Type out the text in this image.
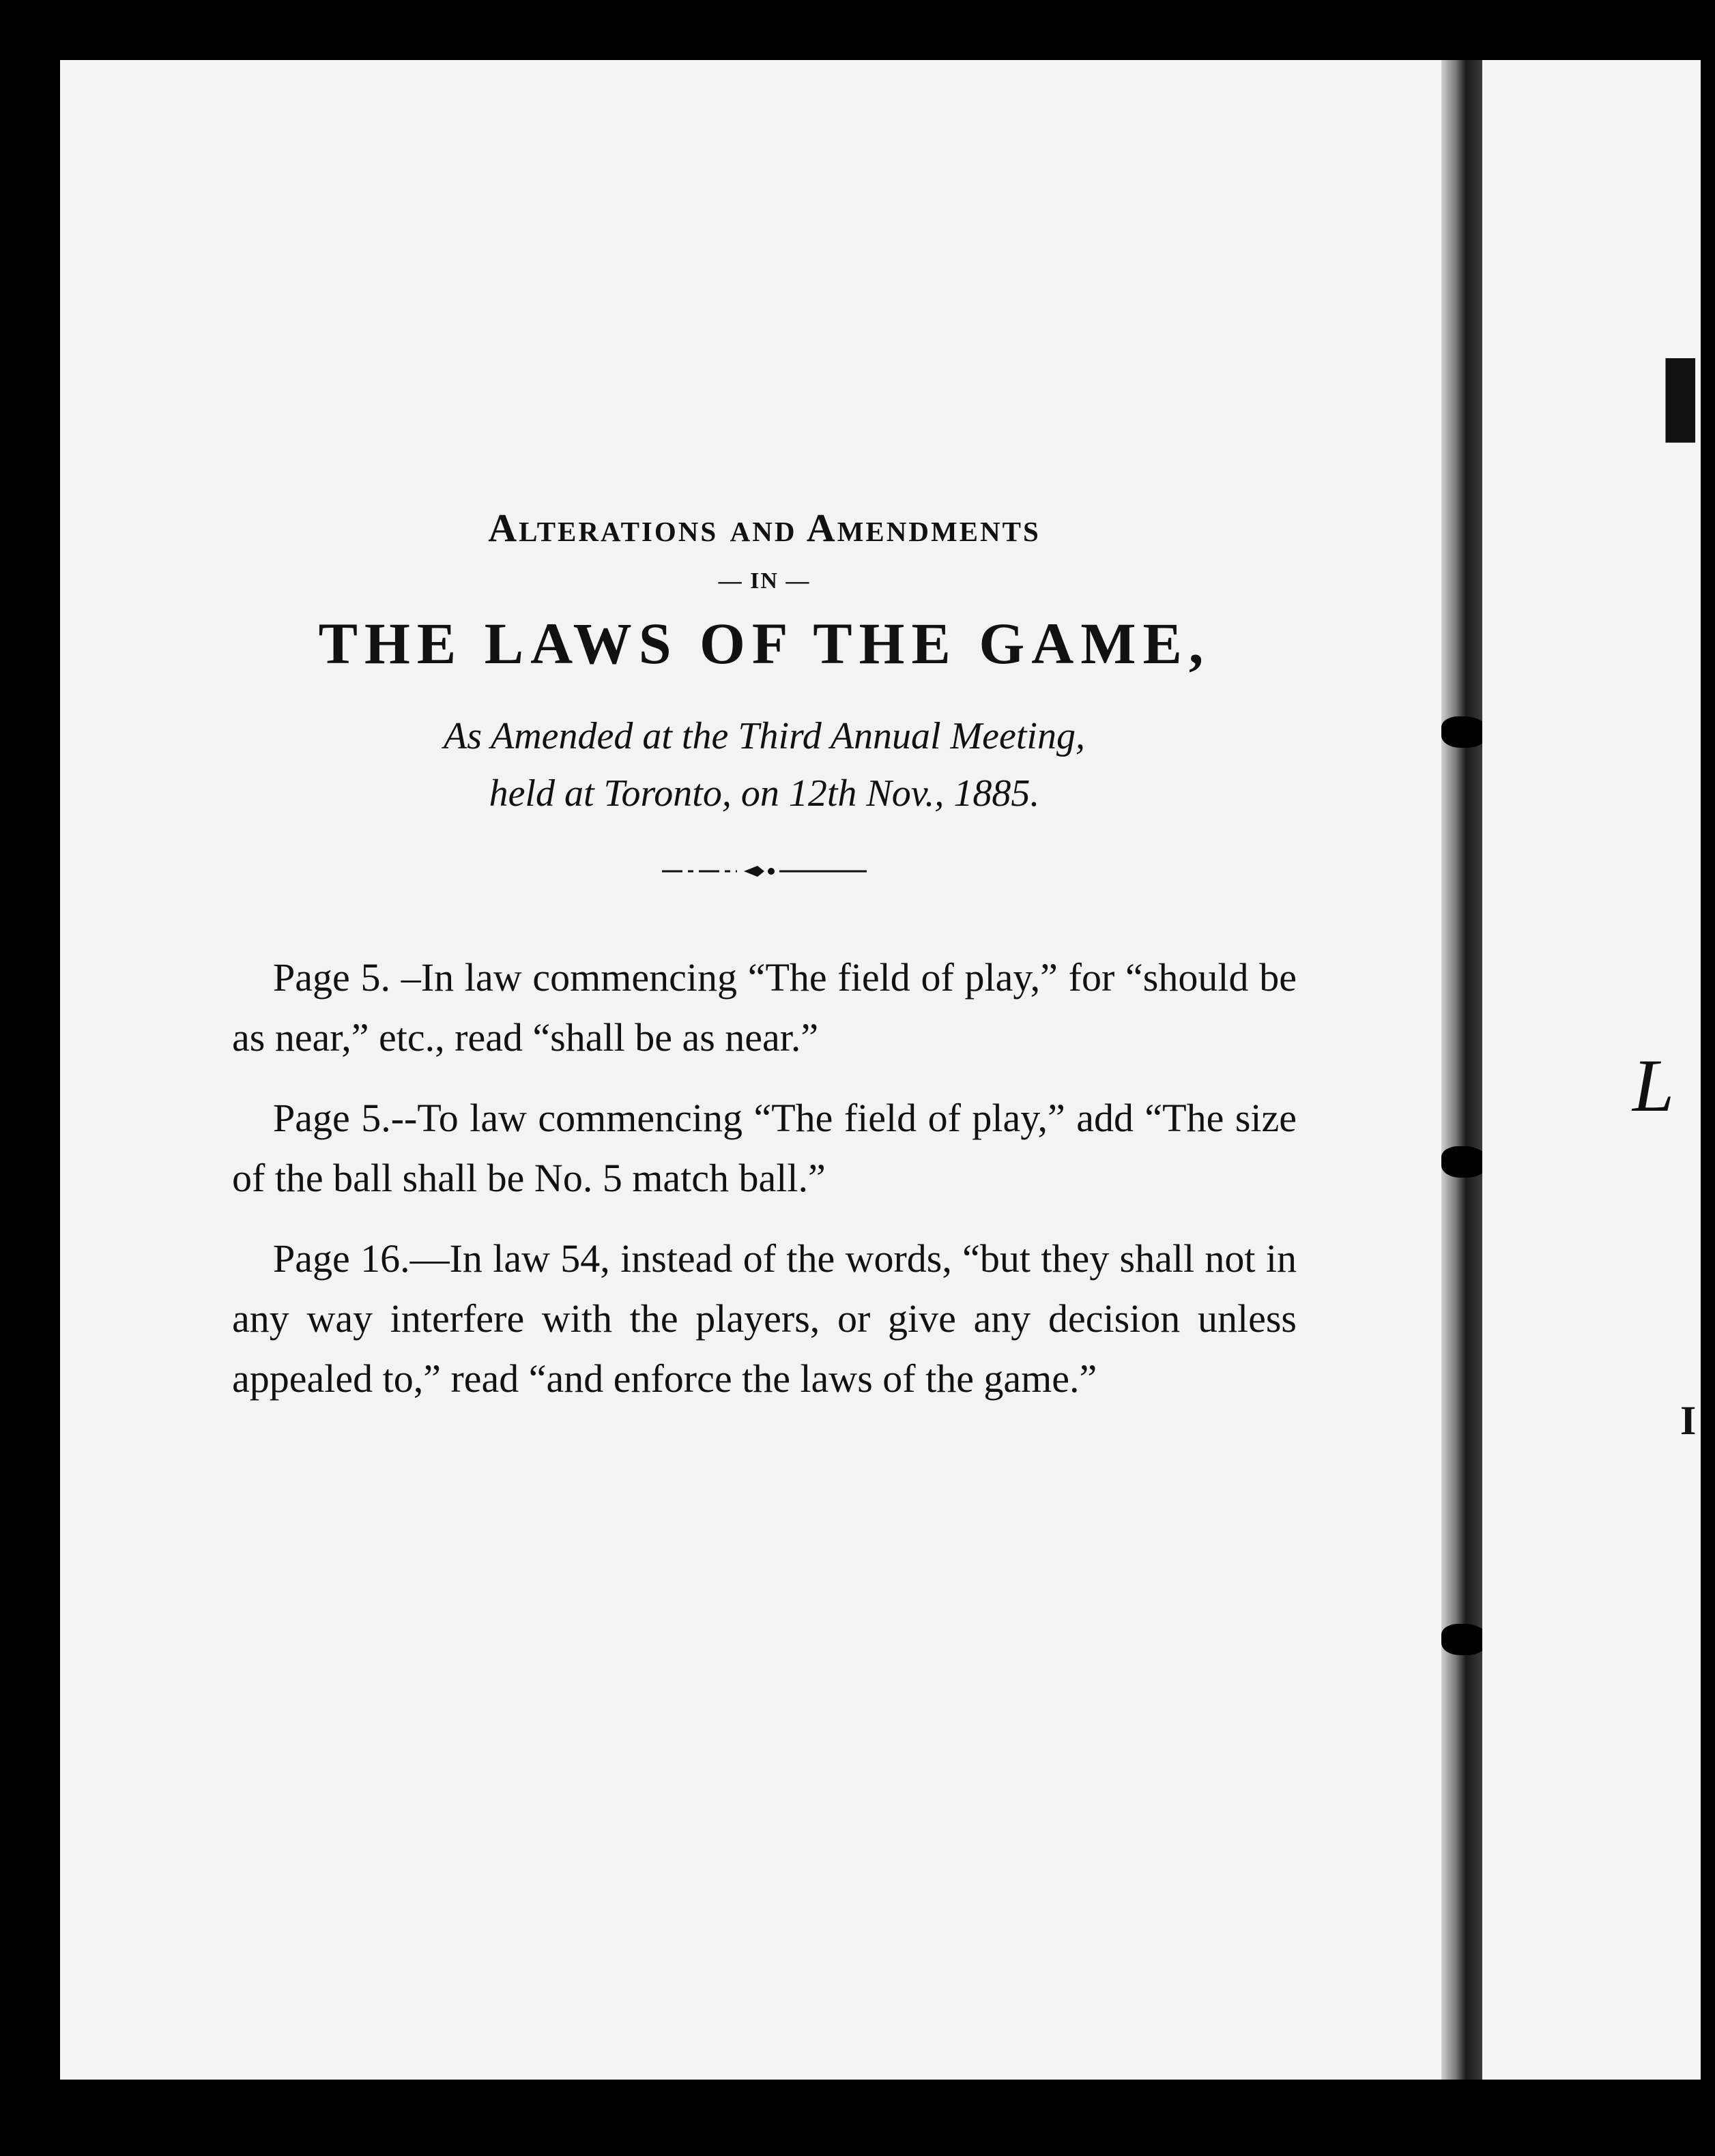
❚
L
I
Alterations and Amendments
— IN —
THE LAWS OF THE GAME,
As Amended at the Third Annual Meeting,
held at Toronto, on 12th Nov., 1885.

Page 5. –In law commencing “The field of play,” for “should be as near,” etc., read “shall be as near.”

Page 5.--To law commencing “The field of play,” add “The size of the ball shall be No. 5 match ball.”

Page 16.—In law 54, instead of the words, “but they shall not in any way interfere with the players, or give any decision unless appealed to,” read “and enforce the laws of the game.”
